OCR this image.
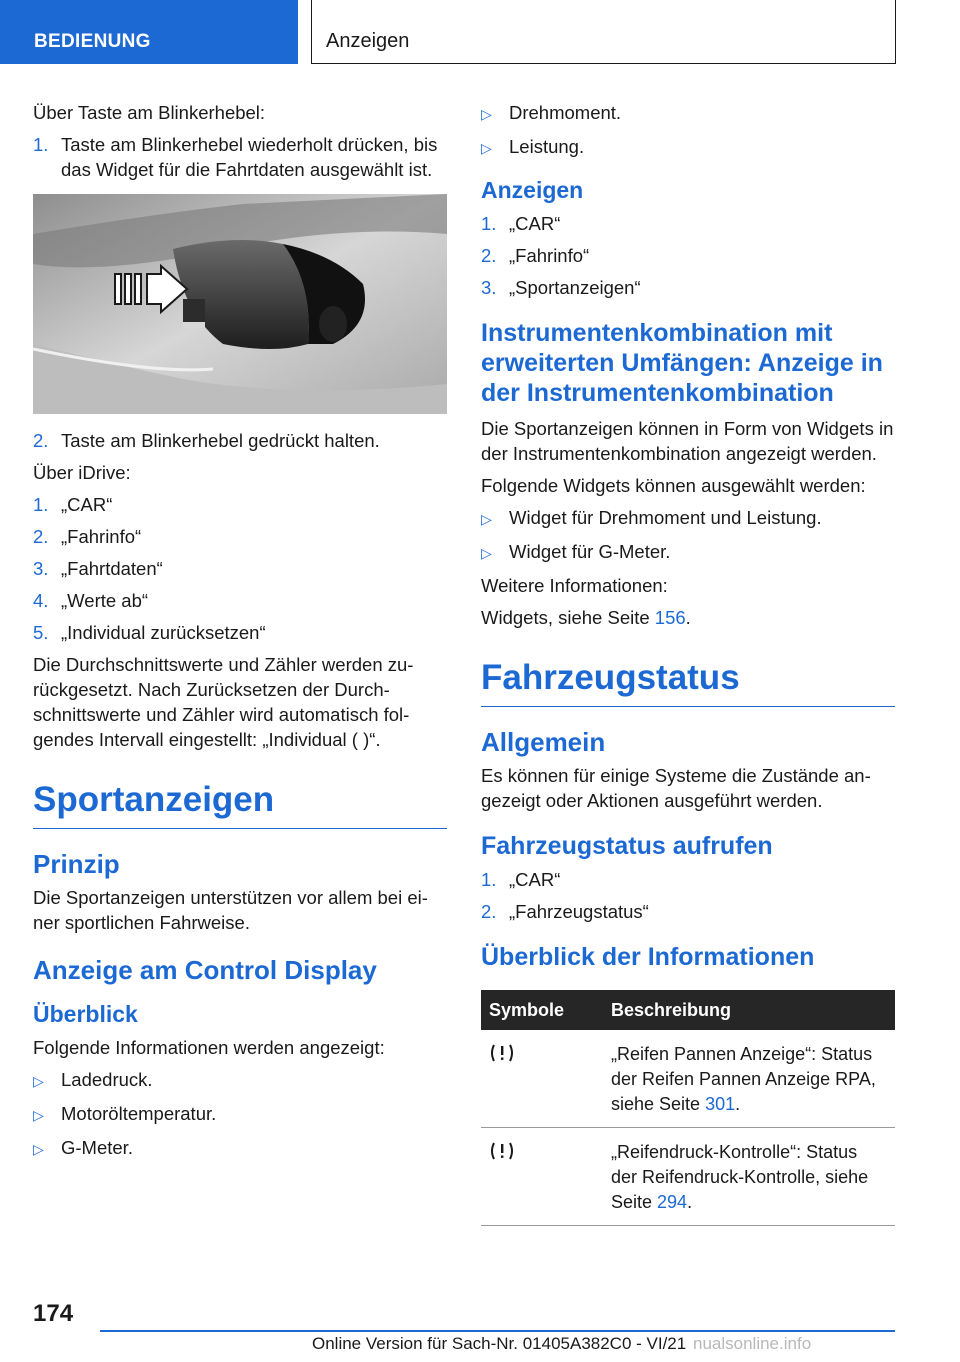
BEDIENUNG	Anzeigen

Über Taste am Blinkerhebel:

1. Taste am Blinkerhebel wiederholt drücken, bis das Widget für die Fahrtdaten ausgewählt ist.
2. Taste am Blinkerhebel gedrückt halten.

Über iDrive:

1. „CAR“
2. „Fahrinfo“
3. „Fahrtdaten“
4. „Werte ab“
5. „Individual zurücksetzen“

Die Durchschnittswerte und Zähler werden zurückgesetzt. Nach Zurücksetzen der Durchschnittswerte und Zähler wird automatisch folgendes Intervall eingestellt: „Individual ( )“.

Sportanzeigen
Prinzip

Die Sportanzeigen unterstützen vor allem bei einer sportlichen Fahrweise.

Anzeige am Control Display
Überblick

Folgende Informationen werden angezeigt:

▷ Ladedruck.
▷ Motoröltemperatur.
▷ G-Meter.
▷ Drehmoment.
▷ Leistung.
Anzeigen
1. „CAR“
2. „Fahrinfo“
3. „Sportanzeigen“
Instrumentenkombination mit erweiterten Umfängen: Anzeige in der Instrumentenkombination

Die Sportanzeigen können in Form von Widgets in der Instrumentenkombination angezeigt werden.

Folgende Widgets können ausgewählt werden:

▷ Widget für Drehmoment und Leistung.
▷ Widget für G-Meter.

Weitere Informationen:

Widgets, siehe Seite 156.

Fahrzeugstatus
Allgemein

Es können für einige Systeme die Zustände angezeigt oder Aktionen ausgeführt werden.

Fahrzeugstatus aufrufen
1. „CAR“
2. „Fahrzeugstatus“
Überblick der Informationen
Symbole	Beschreibung
	„Reifen Pannen Anzeige“: Status der Reifen Pannen Anzeige RPA, siehe Seite 301.
	„Reifendruck-Kontrolle“: Status der Reifendruck-Kontrolle, siehe Seite 294.
174
Online Version für Sach-Nr. 01405A382C0 - VI/21 nualsonline.info
